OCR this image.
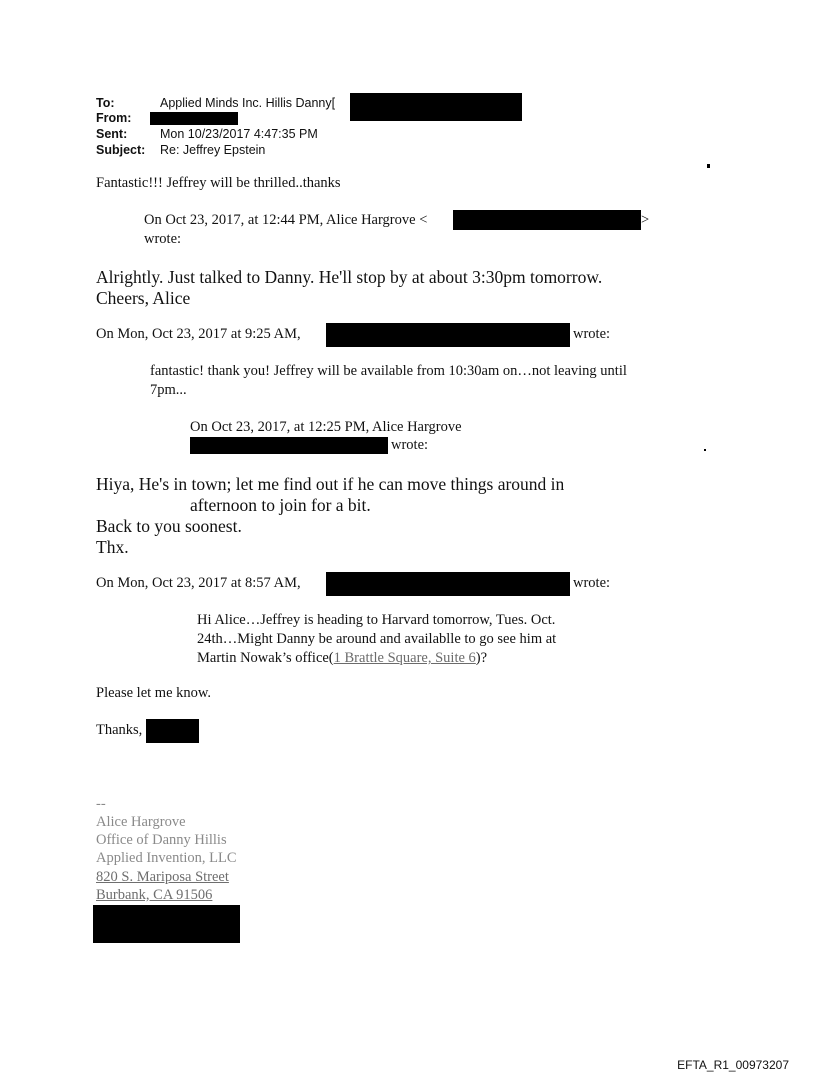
To:	Applied Minds Inc. Hillis Danny[
From:
Sent:	Mon 10/23/2017 4:47:35 PM
Subject: Re: Jeffrey Epstein
Fantastic!!! Jeffrey will be thrilled..thanks
On Oct 23, 2017, at 12:44 PM, Alice Hargrove <	>
wrote:
Alrightly. Just talked to Danny. He'll stop by at about 3:30pm tomorrow.
Cheers, Alice
On Mon, Oct 23, 2017 at 9:25 AM,	wrote:
fantastic! thank you! Jeffrey will be available from 10:30am on…not leaving until
7pm...
On Oct 23, 2017, at 12:25 PM, Alice Hargrove
wrote:
Hiya, He's in town; let me find out if he can move things around in
afternoon to join for a bit.
Back to you soonest.
Thx.
On Mon, Oct 23, 2017 at 8:57 AM,	wrote:
Hi Alice…Jeffrey is heading to Harvard tomorrow, Tues. Oct.
24th…Might Danny be around and availablle to go see him at
Martin Nowak’s office(1 Brattle Square, Suite 6)?
Please let me know.
Thanks,
--
Alice Hargrove
Office of Danny Hillis
Applied Invention, LLC
820 S. Mariposa Street
Burbank, CA 91506
EFTA_R1_00973207
